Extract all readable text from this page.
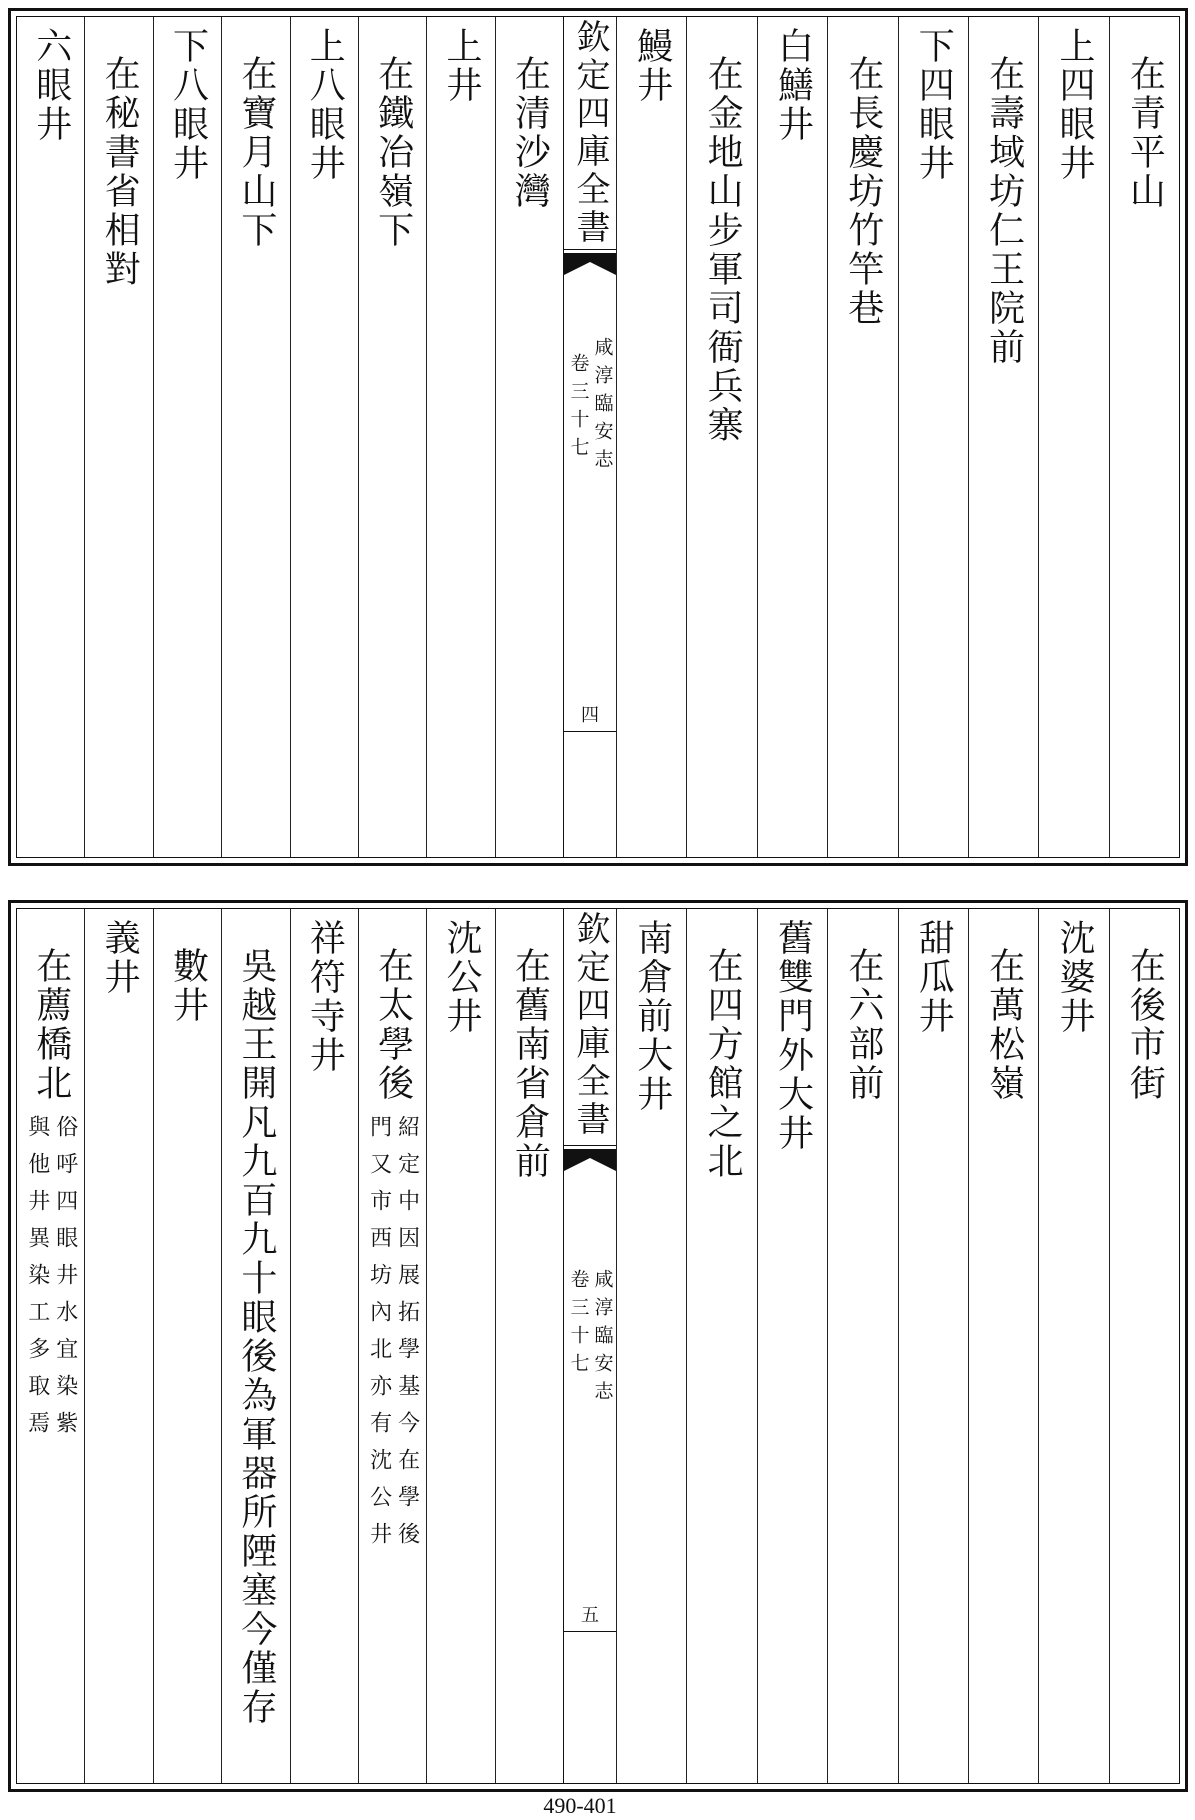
在青平山
上四眼井
在壽域坊仁王院前
下四眼井
在長慶坊竹竿巷
白鱔井
在金地山步軍司衙兵寨
鰻井
欽定四庫全書
咸淳臨安志
卷三十七
四
在清沙灣
上井
在鐵冶嶺下
上八眼井
在寶月山下
下八眼井
在秘書省相對
六眼井
在後市街
沈婆井
在萬松嶺
甜瓜井
在六部前
舊雙門外大井
在四方館之北
南倉前大井
欽定四庫全書
咸淳臨安志
卷三十七
五
在舊南省倉前
沈公井
在太學後
紹定中因展拓學基今在學後
門又市西坊內北亦有沈公井
祥符寺井
吳越王開凡九百九十眼後為軍器所陻塞今僅存
數井
義井
在薦橋北
俗呼四眼井水宜染紫
與他井異染工多取焉
490-401
